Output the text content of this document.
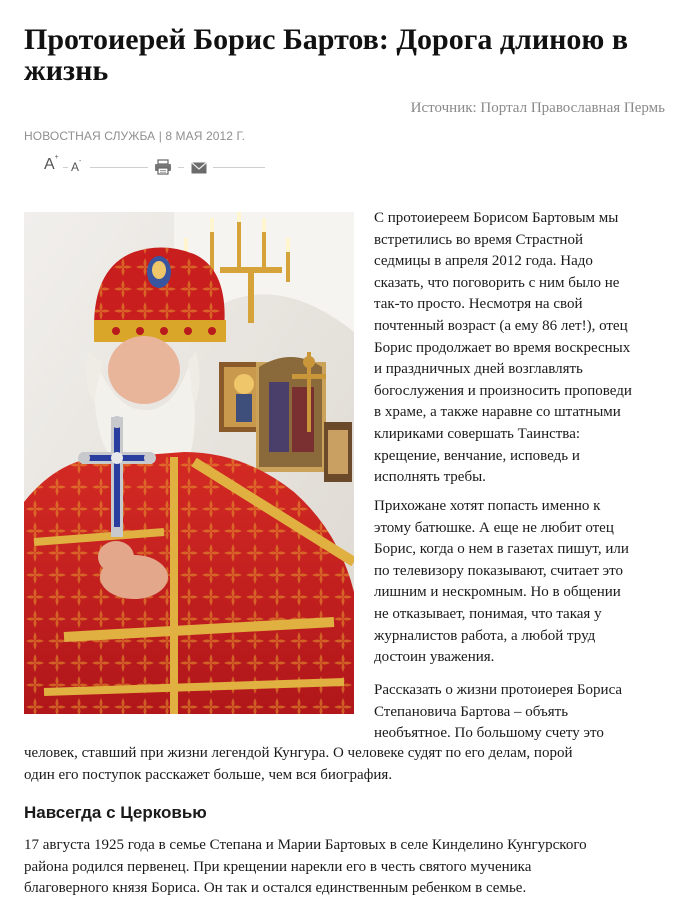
Протоиерей Борис Бартов: Дорога длиною в жизнь
Источник: Портал Православная Пермь
НОВОСТНАЯ СЛУЖБА | 8 МАЯ 2012 Г.
A+
A-
С протоиереем Борисом Бартовым мы
встретились во время Страстной
седмицы в апреля 2012 года. Надо
сказать, что поговорить с ним было не
так-то просто. Несмотря на свой
почтенный возраст (а ему 86 лет!), отец
Борис продолжает во время воскресных
и праздничных дней возглавлять
богослужения и произносить проповеди
в храме, а также наравне со штатными
клириками совершать Таинства:
крещение, венчание, исповедь и
исполнять требы.
Прихожане хотят попасть именно к
этому батюшке. А еще не любит отец
Борис, когда о нем в газетах пишут, или
по телевизору показывают, считает это
лишним и нескромным. Но в общении
не отказывает, понимая, что такая у
журналистов работа, а любой труд
достоин уважения.
Рассказать о жизни протоиерея Бориса
Степановича Бартова – объять
необъятное. По большому счету это
человек, ставший при жизни легендой Кунгура. О человеке судят по его делам, порой
один его поступок расскажет больше, чем вся биография.
Навсегда с Церковью
17 августа 1925 года в семье Степана и Марии Бартовых в селе Кинделино Кунгурского
района родился первенец. При крещении нарекли его в честь святого мученика
благоверного князя Бориса. Он так и остался единственным ребенком в семье.
